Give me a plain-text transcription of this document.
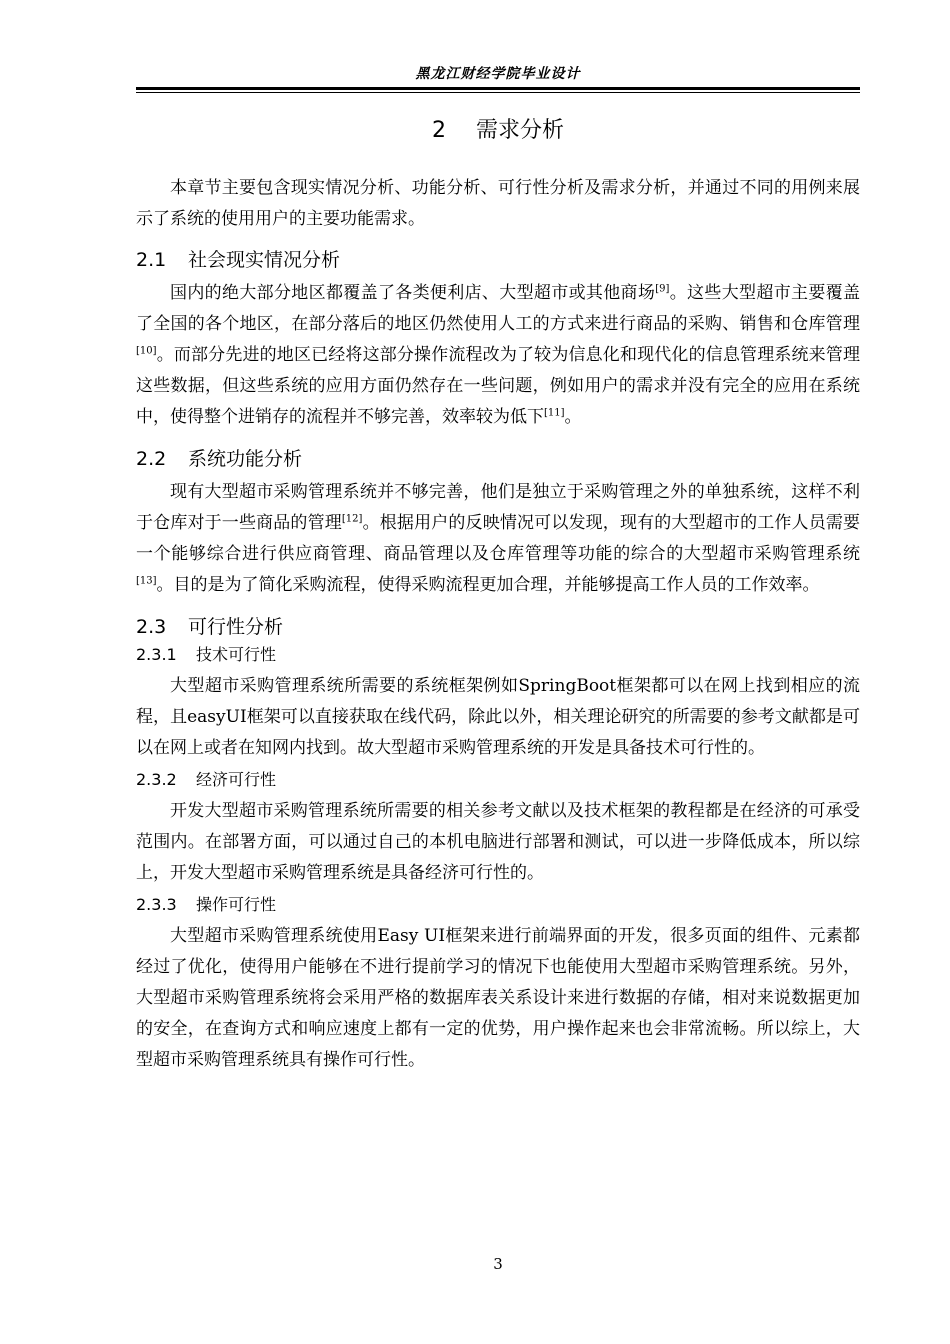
黑龙江财经学院毕业设计
2 需求分析

本章节主要包含现实情况分析、功能分析、可行性分析及需求分析，并通过不同的用例来展示了系统的使用用户的主要功能需求。

2.1 社会现实情况分析

国内的绝大部分地区都覆盖了各类便利店、大型超市或其他商场[9]。这些大型超市主要覆盖了全国的各个地区，在部分落后的地区仍然使用人工的方式来进行商品的采购、销售和仓库管理[10]。而部分先进的地区已经将这部分操作流程改为了较为信息化和现代化的信息管理系统来管理这些数据，但这些系统的应用方面仍然存在一些问题，例如用户的需求并没有完全的应用在系统中，使得整个进销存的流程并不够完善，效率较为低下[11]。

2.2 系统功能分析

现有大型超市采购管理系统并不够完善，他们是独立于采购管理之外的单独系统，这样不利于仓库对于一些商品的管理[12]。根据用户的反映情况可以发现，现有的大型超市的工作人员需要一个能够综合进行供应商管理、商品管理以及仓库管理等功能的综合的大型超市采购管理系统[13]。目的是为了简化采购流程，使得采购流程更加合理，并能够提高工作人员的工作效率。

2.3 可行性分析

2.3.1 技术可行性

大型超市采购管理系统所需要的系统框架例如SpringBoot框架都可以在网上找到相应的流程，且easyUI框架可以直接获取在线代码，除此以外，相关理论研究的所需要的参考文献都是可以在网上或者在知网内找到。故大型超市采购管理系统的开发是具备技术可行性的。

2.3.2 经济可行性

开发大型超市采购管理系统所需要的相关参考文献以及技术框架的教程都是在经济的可承受范围内。在部署方面，可以通过自己的本机电脑进行部署和测试，可以进一步降低成本，所以综上，开发大型超市采购管理系统是具备经济可行性的。

2.3.3 操作可行性

大型超市采购管理系统使用Easy UI框架来进行前端界面的开发，很多页面的组件、元素都经过了优化，使得用户能够在不进行提前学习的情况下也能使用大型超市采购管理系统。另外，大型超市采购管理系统将会采用严格的数据库表关系设计来进行数据的存储，相对来说数据更加的安全，在查询方式和响应速度上都有一定的优势，用户操作起来也会非常流畅。所以综上，大型超市采购管理系统具有操作可行性。

3
